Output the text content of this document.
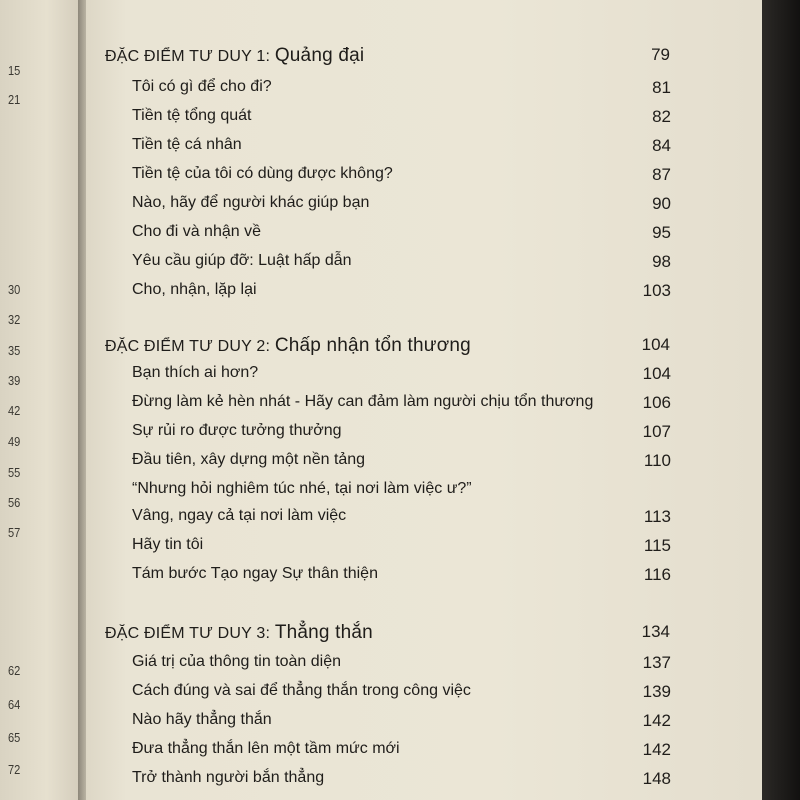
15
21
30
32
35
39
42
49
55
56
57
62
64
65
72
ĐẶC ĐIỂM TƯ DUY 1: Quảng đại	79
Tôi có gì để cho đi?	81
Tiền tệ tổng quát	82
Tiền tệ cá nhân	84
Tiền tệ của tôi có dùng được không?	87
Nào, hãy để người khác giúp bạn	90
Cho đi và nhận về	95
Yêu cầu giúp đỡ: Luật hấp dẫn	98
Cho, nhận, lặp lại	103
ĐẶC ĐIỂM TƯ DUY 2: Chấp nhận tổn thương	104
Bạn thích ai hơn?	104
Đừng làm kẻ hèn nhát - Hãy can đảm làm người chịu tổn thương	106
Sự rủi ro được tưởng thưởng	107
Đầu tiên, xây dựng một nền tảng	110
“Nhưng hỏi nghiêm túc nhé, tại nơi làm việc ư?”
Vâng, ngay cả tại nơi làm việc	113
Hãy tin tôi	115
Tám bước Tạo ngay Sự thân thiện	116
ĐẶC ĐIỂM TƯ DUY 3: Thẳng thắn	134
Giá trị của thông tin toàn diện	137
Cách đúng và sai để thẳng thắn trong công việc	139
Nào hãy thẳng thắn	142
Đưa thẳng thắn lên một tầm mức mới	142
Trở thành người bắn thẳng	148
